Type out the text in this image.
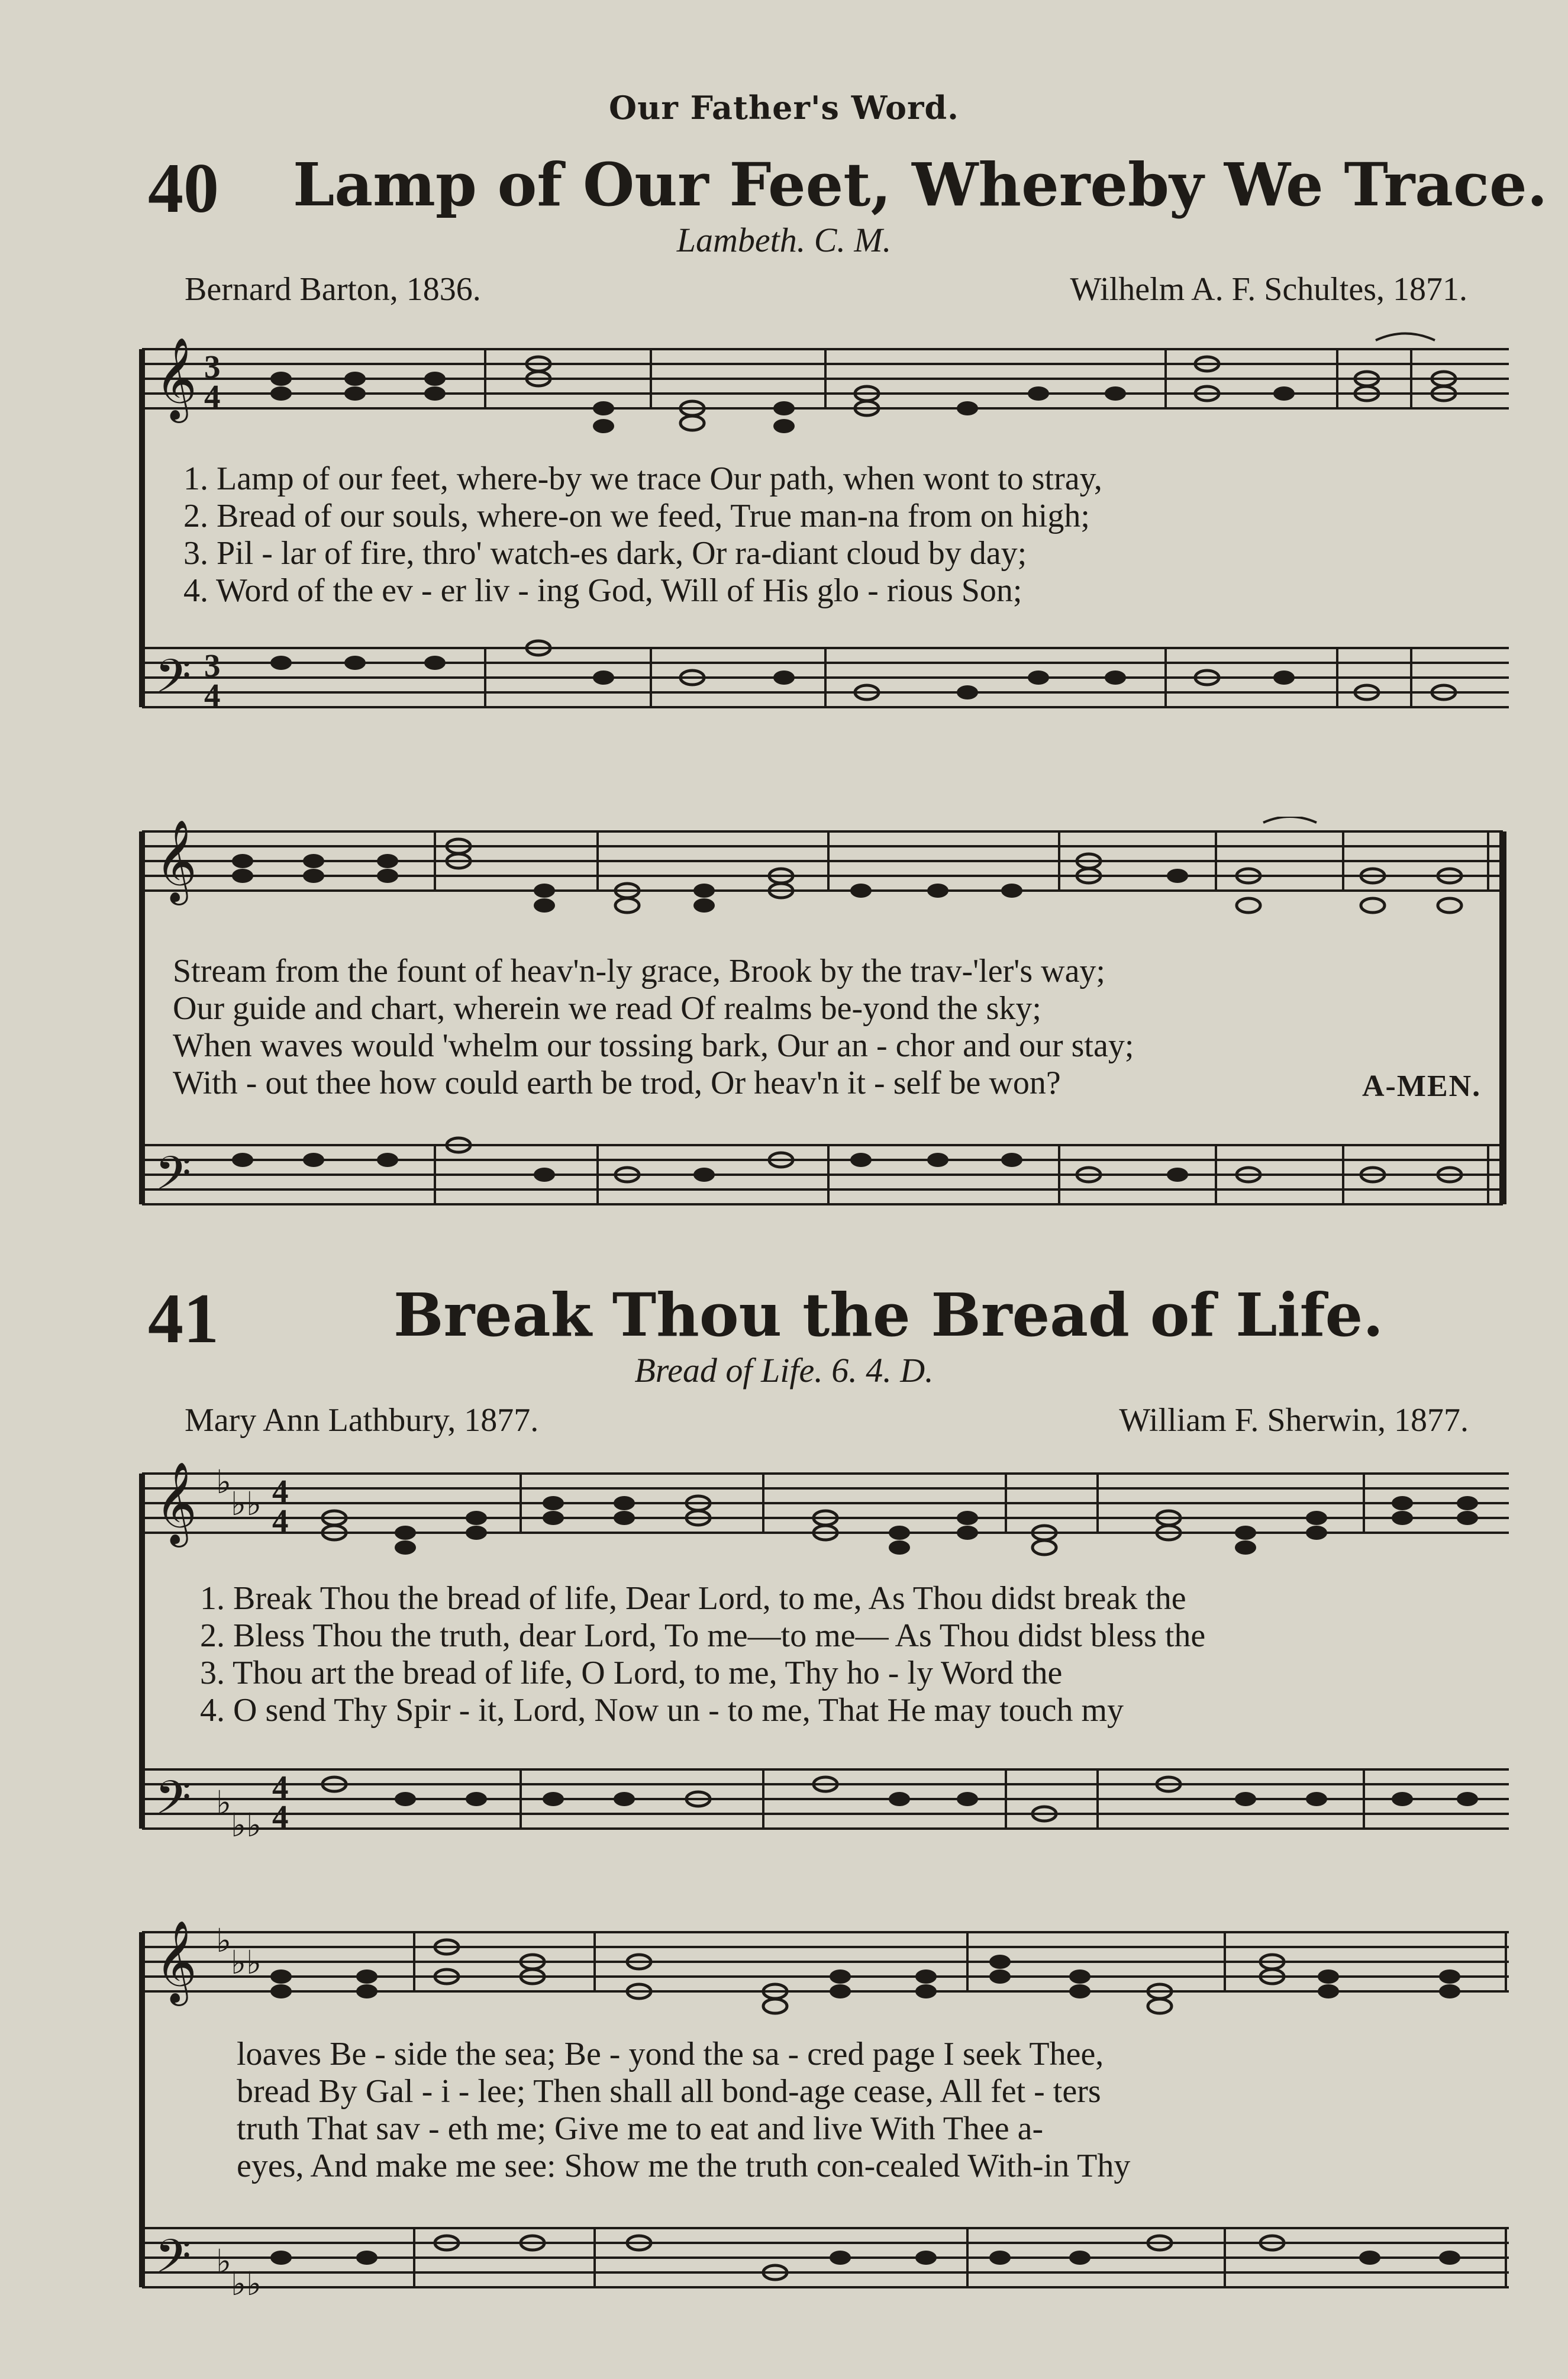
Our Father's Word.
40 Lamp of Our Feet, Whereby We Trace.
Lambeth. C. M.
Bernard Barton, 1836.	Wilhelm A. F. Schultes, 1871.
𝄞
𝄢
3
4
3
4
1. Lamp of our feet, where-by we trace Our path, when wont to stray,
2. Bread of our souls, where-on we feed, True man-na from on high;
3. Pil - lar of fire, thro' watch-es dark, Or ra-diant cloud by day;
4. Word of the ev - er liv - ing God, Will of His glo - rious Son;
𝄞
𝄢
Stream from the fount of heav'n-ly grace, Brook by the trav-'ler's way;
Our guide and chart, wherein we read Of realms be-yond the sky;
When waves would 'whelm our tossing bark, Our an - chor and our stay;
With - out thee how could earth be trod, Or heav'n it - self be won?	A-MEN.
41	Break Thou the Bread of Life.
Bread of Life. 6. 4. D.
Mary Ann Lathbury, 1877.	William F. Sherwin, 1877.
𝄞
𝄢
♭
♭♭
♭
♭♭
4
4
4
4
1. Break Thou the bread of life, Dear Lord, to me, As Thou didst break the
2. Bless Thou the truth, dear Lord, To me—to me— As Thou didst bless the
3. Thou art the bread of life, O Lord, to me, Thy ho - ly Word the
4. O send Thy Spir - it, Lord, Now un - to me, That He may touch my
𝄞
𝄢
♭
♭♭
♭
♭♭
loaves Be - side the sea; Be - yond the sa - cred page I seek Thee,
bread By Gal - i - lee; Then shall all bond-age cease, All fet - ters
truth That sav - eth me; Give me to eat and live With Thee a-
eyes, And make me see: Show me the truth con-cealed With-in Thy
